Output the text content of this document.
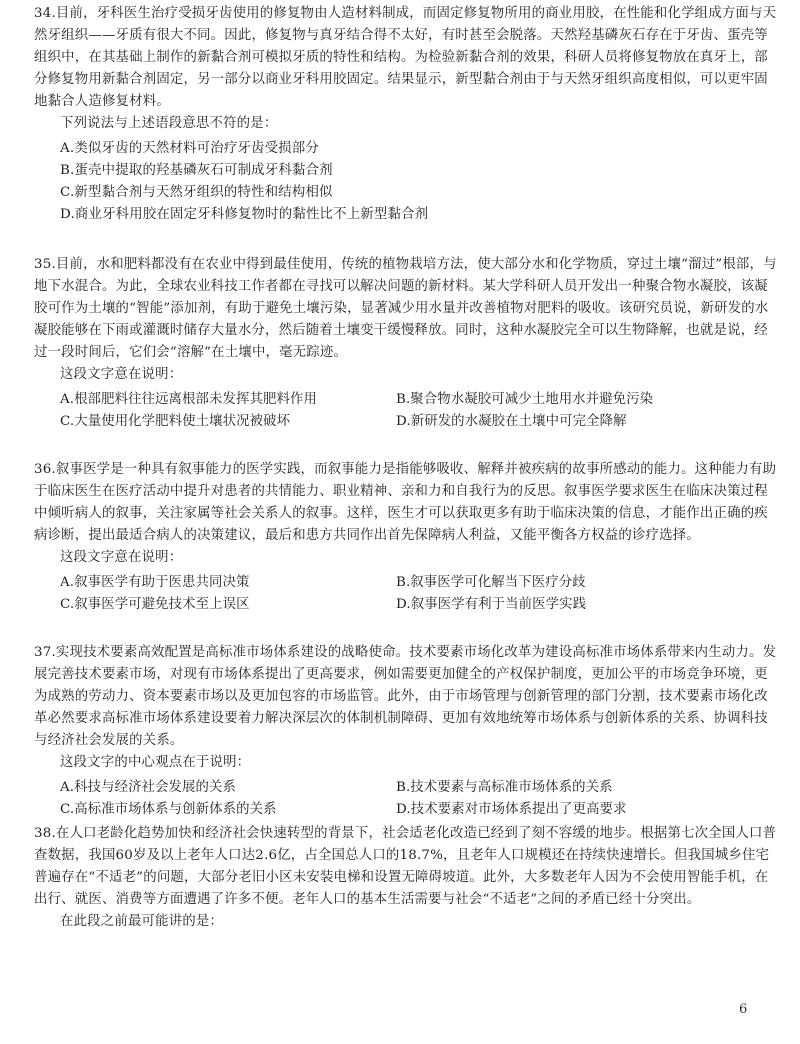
34.目前，牙科医生治疗受损牙齿使用的修复物由人造材料制成，而固定修复物所用的商业用胶，在性能和化学组成方面与天然牙组织——牙质有很大不同。因此，修复物与真牙结合得不太好，有时甚至会脱落。天然羟基磷灰石存在于牙齿、蛋壳等组织中，在其基础上制作的新黏合剂可模拟牙质的特性和结构。为检验新黏合剂的效果，科研人员将修复物放在真牙上，部分修复物用新黏合剂固定，另一部分以商业牙科用胶固定。结果显示，新型黏合剂由于与天然牙组织高度相似，可以更牢固地黏合人造修复材料。
下列说法与上述语段意思不符的是：
A.类似牙齿的天然材料可治疗牙齿受损部分
B.蛋壳中提取的羟基磷灰石可制成牙科黏合剂
C.新型黏合剂与天然牙组织的特性和结构相似
D.商业牙科用胶在固定牙科修复物时的黏性比不上新型黏合剂
35.目前，水和肥料都没有在农业中得到最佳使用，传统的植物栽培方法，使大部分水和化学物质，穿过土壤“溜过”根部，与地下水混合。为此，全球农业科技工作者都在寻找可以解决问题的新材料。某大学科研人员开发出一种聚合物水凝胶，该凝胶可作为土壤的“智能”添加剂，有助于避免土壤污染，显著减少用水量并改善植物对肥料的吸收。该研究员说，新研发的水凝胶能够在下雨或灌溉时储存大量水分，然后随着土壤变干缓慢释放。同时，这种水凝胶完全可以生物降解，也就是说，经过一段时间后，它们会“溶解”在土壤中，毫无踪迹。
这段文字意在说明：
A.根部肥料往往远离根部未发挥其肥料作用	B.聚合物水凝胶可减少土地用水并避免污染
C.大量使用化学肥料使土壤状况被破坏	D.新研发的水凝胶在土壤中可完全降解
36.叙事医学是一种具有叙事能力的医学实践，而叙事能力是指能够吸收、解释并被疾病的故事所感动的能力。这种能力有助于临床医生在医疗活动中提升对患者的共情能力、职业精神、亲和力和自我行为的反思。叙事医学要求医生在临床决策过程中倾听病人的叙事，关注家属等社会关系人的叙事。这样，医生才可以获取更多有助于临床决策的信息，才能作出正确的疾病诊断，提出最适合病人的决策建议，最后和患方共同作出首先保障病人利益，又能平衡各方权益的诊疗选择。
这段文字意在说明：
A.叙事医学有助于医患共同决策	B.叙事医学可化解当下医疗分歧
C.叙事医学可避免技术至上误区	D.叙事医学有利于当前医学实践
37.实现技术要素高效配置是高标准市场体系建设的战略使命。技术要素市场化改革为建设高标准市场体系带来内生动力。发展完善技术要素市场，对现有市场体系提出了更高要求，例如需要更加健全的产权保护制度，更加公平的市场竞争环境，更为成熟的劳动力、资本要素市场以及更加包容的市场监管。此外，由于市场管理与创新管理的部门分割，技术要素市场化改革必然要求高标准市场体系建设要着力解决深层次的体制机制障碍、更加有效地统筹市场体系与创新体系的关系、协调科技与经济社会发展的关系。
这段文字的中心观点在于说明：
A.科技与经济社会发展的关系	B.技术要素与高标准市场体系的关系
C.高标准市场体系与创新体系的关系	D.技术要素对市场体系提出了更高要求
38.在人口老龄化趋势加快和经济社会快速转型的背景下，社会适老化改造已经到了刻不容缓的地步。根据第七次全国人口普查数据，我国60岁及以上老年人口达2.6亿，占全国总人口的18.7%，且老年人口规模还在持续快速增长。但我国城乡住宅普遍存在“不适老”的问题，大部分老旧小区未安装电梯和设置无障碍坡道。此外，大多数老年人因为不会使用智能手机，在出行、就医、消费等方面遭遇了许多不便。老年人口的基本生活需要与社会“不适老”之间的矛盾已经十分突出。
在此段之前最可能讲的是：
6
